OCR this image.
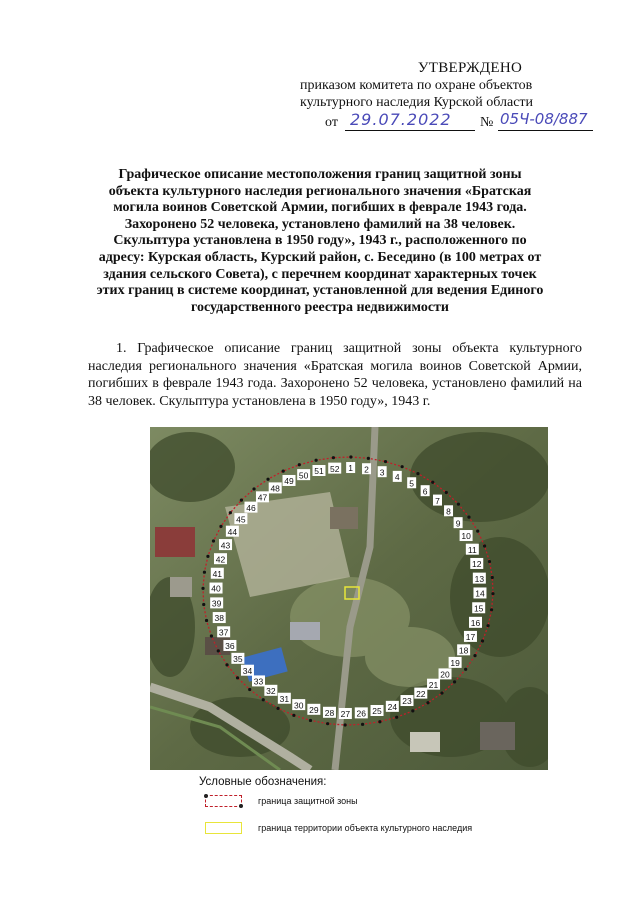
УТВЕРЖДЕНО
приказом комитета по охране объектов
культурного наследия Курской области
от 29.07.2022 № 05Ч-08/887
Графическое описание местоположения границ защитной зоны объекта культурного наследия регионального значения «Братская могила воинов Советской Армии, погибших в феврале 1943 года. Захоронено 52 человека, установлено фамилий на 38 человек. Скульптура установлена в 1950 году», 1943 г., расположенного по адресу: Курская область, Курский район, с. Беседино (в 100 метрах от здания сельского Совета), с перечнем координат характерных точек этих границ в системе координат, установленной для ведения Единого государственного реестра недвижимости
1. Графическое описание границ защитной зоны объекта культурного наследия регионального значения «Братская могила воинов Советской Армии, погибших в феврале 1943 года. Захоронено 52 человека, установлено фамилий на 38 человек. Скульптура установлена в 1950 году», 1943 г.
1 2 3 4
5
6
7
8
9
10
11
12
13
14
15
16
17
18
19
20
21
22
23
24
25
26
27
28
29
30
31
32
33
34
35
36
37
38
39
40
41
42
43
44
45
46
47
48
49
50 51 52
Условные обозначения:
граница защитной зоны
граница территории объекта культурного наследия
